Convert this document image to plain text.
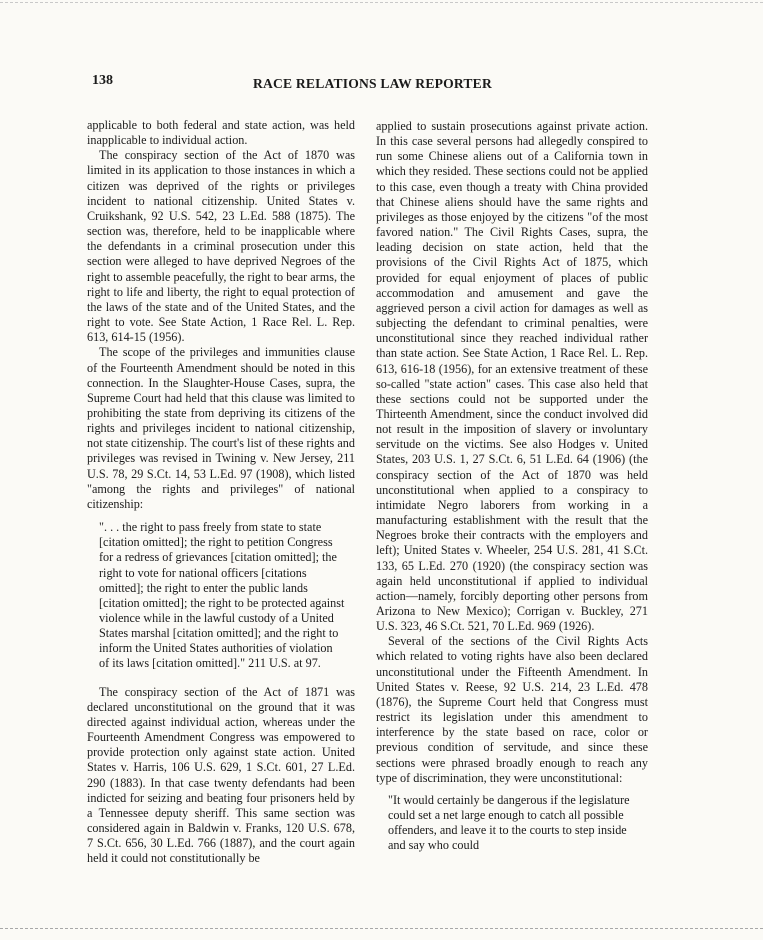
138	RACE RELATIONS LAW REPORTER

applicable to both federal and state action, was held inapplicable to individual action.

The conspiracy section of the Act of 1870 was limited in its application to those instances in which a citizen was deprived of the rights or privileges incident to national citizenship. United States v. Cruikshank, 92 U.S. 542, 23 L.Ed. 588 (1875). The section was, therefore, held to be inapplicable where the defendants in a criminal prosecution under this section were alleged to have deprived Negroes of the right to assemble peacefully, the right to bear arms, the right to life and liberty, the right to equal protection of the laws of the state and of the United States, and the right to vote. See State Action, 1 Race Rel. L. Rep. 613, 614-15 (1956).

The scope of the privileges and immunities clause of the Fourteenth Amendment should be noted in this connection. In the Slaughter-House Cases, supra, the Supreme Court had held that this clause was limited to prohibiting the state from depriving its citizens of the rights and privileges incident to national citizenship, not state citizenship. The court's list of these rights and privileges was revised in Twining v. New Jersey, 211 U.S. 78, 29 S.Ct. 14, 53 L.Ed. 97 (1908), which listed "among the rights and privileges" of national citizenship:

". . . the right to pass freely from state to state [citation omitted]; the right to petition Congress for a redress of grievances [citation omitted]; the right to vote for national officers [citations omitted]; the right to enter the public lands [citation omitted]; the right to be protected against violence while in the lawful custody of a United States marshal [citation omitted]; and the right to inform the United States authorities of violation of its laws [citation omitted]." 211 U.S. at 97.

The conspiracy section of the Act of 1871 was declared unconstitutional on the ground that it was directed against individual action, whereas under the Fourteenth Amendment Congress was empowered to provide protection only against state action. United States v. Harris, 106 U.S. 629, 1 S.Ct. 601, 27 L.Ed. 290 (1883). In that case twenty defendants had been indicted for seizing and beating four prisoners held by a Tennessee deputy sheriff. This same section was considered again in Baldwin v. Franks, 120 U.S. 678, 7 S.Ct. 656, 30 L.Ed. 766 (1887), and the court again held it could not constitutionally be

applied to sustain prosecutions against private action. In this case several persons had allegedly conspired to run some Chinese aliens out of a California town in which they resided. These sections could not be applied to this case, even though a treaty with China provided that Chinese aliens should have the same rights and privileges as those enjoyed by the citizens "of the most favored nation." The Civil Rights Cases, supra, the leading decision on state action, held that the provisions of the Civil Rights Act of 1875, which provided for equal enjoyment of places of public accommodation and amusement and gave the aggrieved person a civil action for damages as well as subjecting the defendant to criminal penalties, were unconstitutional since they reached individual rather than state action. See State Action, 1 Race Rel. L. Rep. 613, 616-18 (1956), for an extensive treatment of these so-called "state action" cases. This case also held that these sections could not be supported under the Thirteenth Amendment, since the conduct involved did not result in the imposition of slavery or involuntary servitude on the victims. See also Hodges v. United States, 203 U.S. 1, 27 S.Ct. 6, 51 L.Ed. 64 (1906) (the conspiracy section of the Act of 1870 was held unconstitutional when applied to a conspiracy to intimidate Negro laborers from working in a manufacturing establishment with the result that the Negroes broke their contracts with the employers and left); United States v. Wheeler, 254 U.S. 281, 41 S.Ct. 133, 65 L.Ed. 270 (1920) (the conspiracy section was again held unconstitutional if applied to individual action—namely, forcibly deporting other persons from Arizona to New Mexico); Corrigan v. Buckley, 271 U.S. 323, 46 S.Ct. 521, 70 L.Ed. 969 (1926).

Several of the sections of the Civil Rights Acts which related to voting rights have also been declared unconstitutional under the Fifteenth Amendment. In United States v. Reese, 92 U.S. 214, 23 L.Ed. 478 (1876), the Supreme Court held that Congress must restrict its legislation under this amendment to interference by the state based on race, color or previous condition of servitude, and since these sections were phrased broadly enough to reach any type of discrimination, they were unconstitutional:

"It would certainly be dangerous if the legislature could set a net large enough to catch all possible offenders, and leave it to the courts to step inside and say who could
